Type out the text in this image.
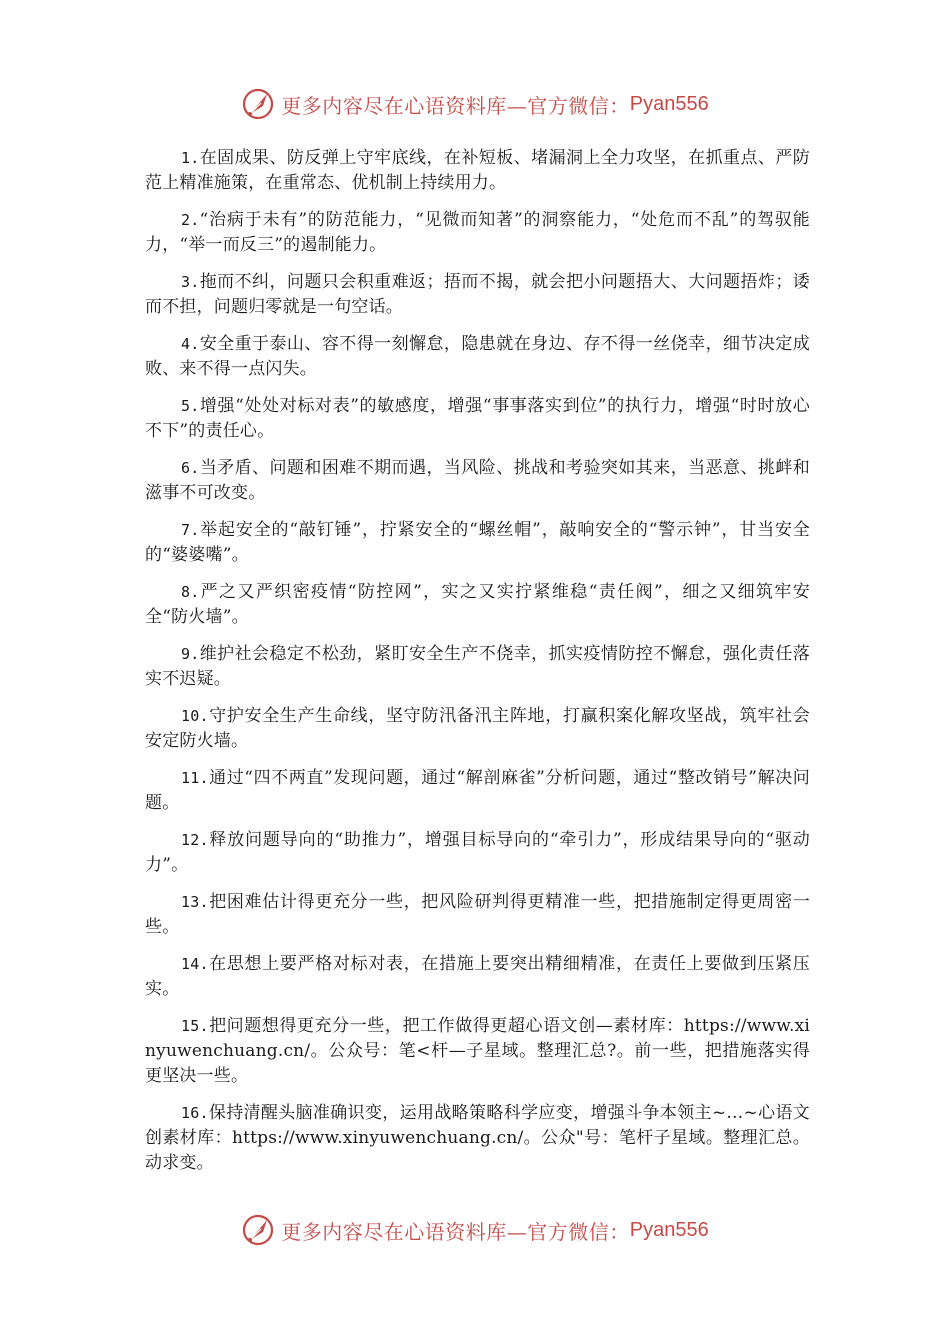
更多内容尽在心语资料库—官方微信： Pyan556

1.在固成果、防反弹上守牢底线，在补短板、堵漏洞上全力攻坚，在抓重点、严防范上精准施策，在重常态、优机制上持续用力。

2.“治病于未有”的防范能力，“见微而知著”的洞察能力，“处危而不乱”的驾驭能力，“举一而反三”的遏制能力。

3.拖而不纠，问题只会积重难返；捂而不揭，就会把小问题捂大、大问题捂炸；诿而不担，问题归零就是一句空话。

4.安全重于泰山、容不得一刻懈怠，隐患就在身边、存不得一丝侥幸，细节决定成败、来不得一点闪失。

5.增强“处处对标对表”的敏感度，增强“事事落实到位”的执行力，增强“时时放心不下”的责任心。

6.当矛盾、问题和困难不期而遇，当风险、挑战和考验突如其来，当恶意、挑衅和滋事不可改变。

7.举起安全的“敲钉锤”，拧紧安全的“螺丝帽”，敲响安全的“警示钟”，甘当安全的“婆婆嘴”。

8.严之又严织密疫情“防控网”，实之又实拧紧维稳“责任阀”，细之又细筑牢安全“防火墙”。

9.维护社会稳定不松劲，紧盯安全生产不侥幸，抓实疫情防控不懈怠，强化责任落实不迟疑。

10.守护安全生产生命线，坚守防汛备汛主阵地，打赢积案化解攻坚战，筑牢社会安定防火墙。

11.通过“四不两直”发现问题，通过“解剖麻雀”分析问题，通过“整改销号”解决问题。

12.释放问题导向的“助推力”，增强目标导向的“牵引力”，形成结果导向的“驱动力”。

13.把困难估计得更充分一些，把风险研判得更精准一些，把措施制定得更周密一些。

14.在思想上要严格对标对表，在措施上要突出精细精准，在责任上要做到压紧压实。

15.把问题想得更充分一些，把工作做得更超心语文创—素材库：https://www.xinyuwenchuang.cn/。公众号：笔<杆—子星域。整理汇总?。前一些，把措施落实得更坚决一些。

16.保持清醒头脑准确识变，运用战略策略科学应变，增强斗争本领主~…~心语文创素材库：https://www.xinyuwenchuang.cn/。公众"号：笔杆子星域。整理汇总。动求变。

更多内容尽在心语资料库—官方微信： Pyan556
